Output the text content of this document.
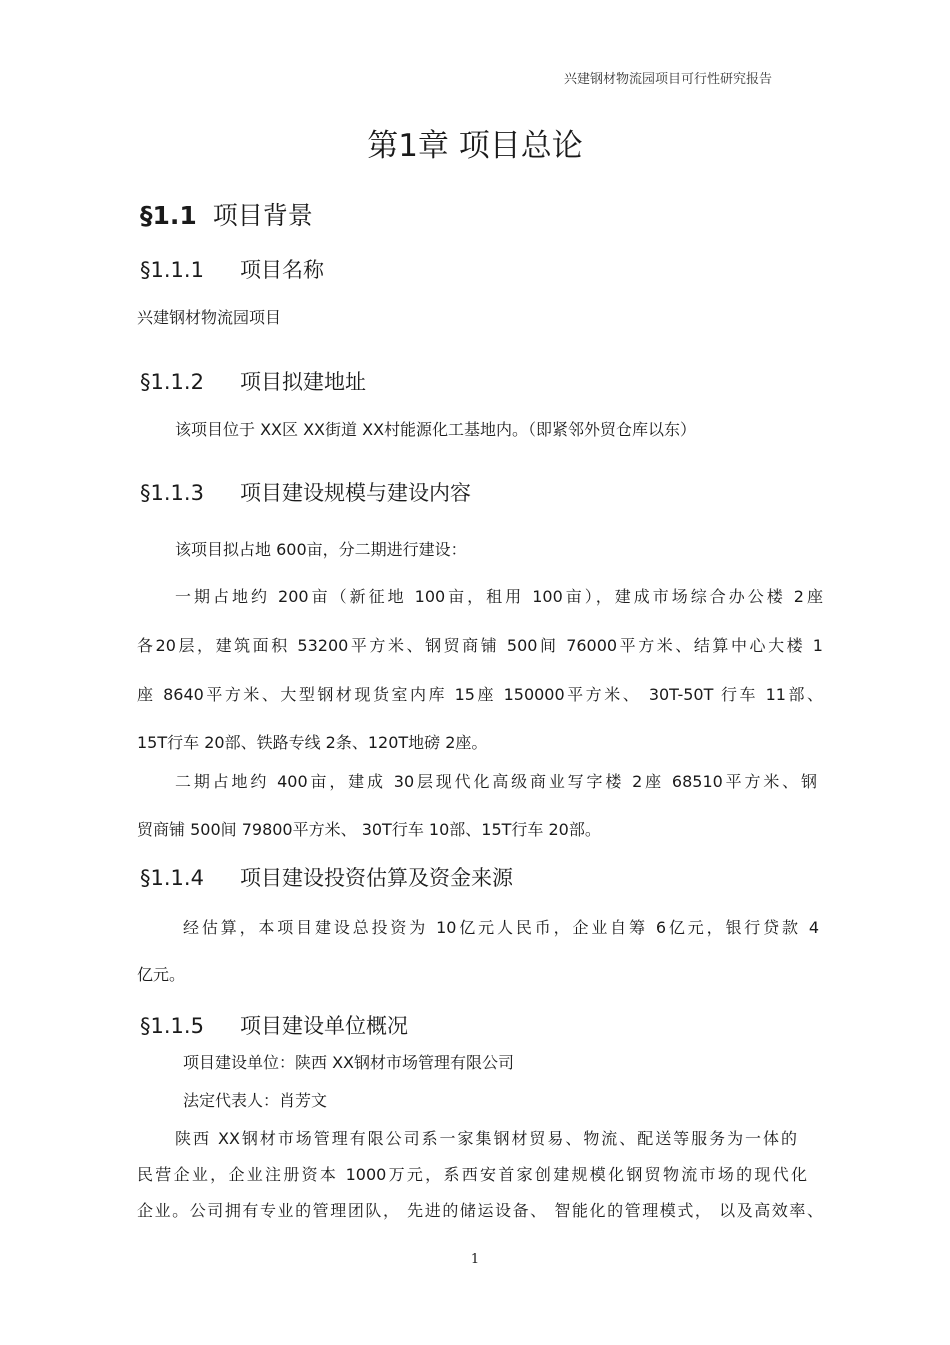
兴建钢材物流园项目可行性研究报告
第1章 项目总论
§1.1 项目背景
§1.1.1 项目名称
兴建钢材物流园项目
§1.1.2 项目拟建地址
该项目位于 XX区 XX街道 XX村能源化工基地内。（即紧邻外贸仓库以东）
§1.1.3 项目建设规模与建设内容
该项目拟占地 600亩，分二期进行建设：
一期占地约 200亩（新征地 100亩，租用 100亩），建成市场综合办公楼 2座
各20层，建筑面积 53200平方米、钢贸商铺 500间 76000平方米、结算中心大楼 1
座 8640平方米、大型钢材现货室内库 15座 150000平方米、 30T-50T 行车 11部、
15T行车 20部、铁路专线 2条、120T地磅 2座。
二期占地约 400亩，建成 30层现代化高级商业写字楼 2座 68510平方米、钢
贸商铺 500间 79800平方米、 30T行车 10部、15T行车 20部。
§1.1.4 项目建设投资估算及资金来源
经估算，本项目建设总投资为 10亿元人民币，企业自筹 6亿元，银行贷款 4
亿元。
§1.1.5 项目建设单位概况
项目建设单位：陕西 XX钢材市场管理有限公司
法定代表人：肖芳文
陕西 XX钢材市场管理有限公司系一家集钢材贸易、物流、配送等服务为一体的
民营企业，企业注册资本 1000万元，系西安首家创建规模化钢贸物流市场的现代化
企业。公司拥有专业的管理团队， 先进的储运设备、 智能化的管理模式， 以及高效率、
1
